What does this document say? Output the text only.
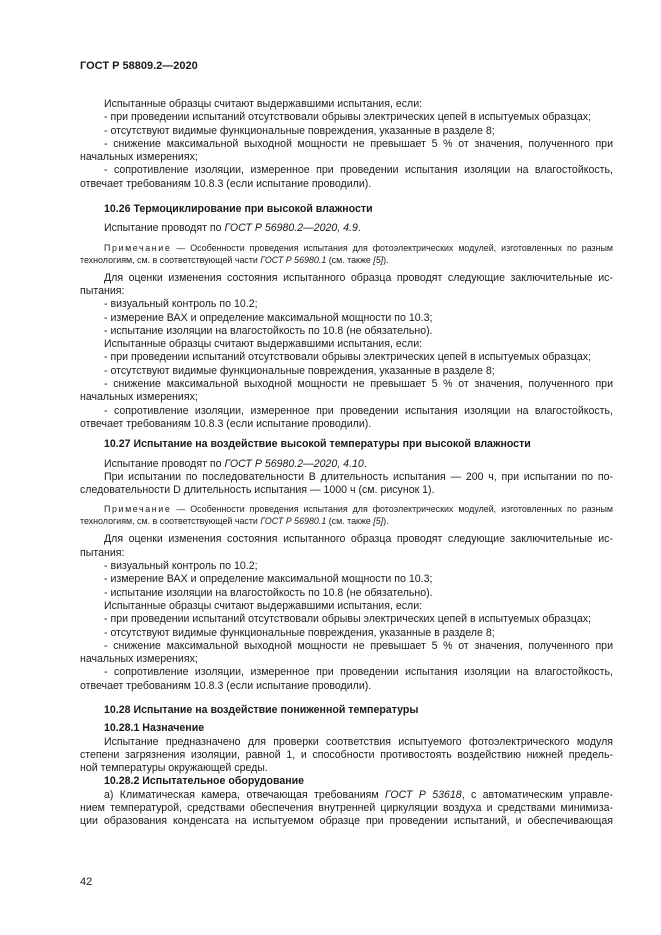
ГОСТ Р 58809.2—2020

Испытанные образцы считают выдержавшими испытания, если:

- при проведении испытаний отсутствовали обрывы электрических цепей в испытуемых образцах;

- отсутствуют видимые функциональные повреждения, указанные в разделе 8;

- снижение максимальной выходной мощности не превышает 5 % от значения, полученного при

начальных измерениях;

- сопротивление изоляции, измеренное при проведении испытания изоляции на влагостойкость,

отвечает требованиям 10.8.3 (если испытание проводили).

10.26 Термоциклирование при высокой влажности

Испытание проводят по ГОСТ Р 56980.2—2020, 4.9.

Примечание — Особенности проведения испытания для фотоэлектрических модулей, изготовленных по разным технологиям, см. в соответствующей части ГОСТ Р 56980.1 (см. также [5]).

Для оценки изменения состояния испытанного образца проводят следующие заключительные ис-

пытания:

- визуальный контроль по 10.2;

- измерение ВАХ и определение максимальной мощности по 10.3;

- испытание изоляции на влагостойкость по 10.8 (не обязательно).

Испытанные образцы считают выдержавшими испытания, если:

- при проведении испытаний отсутствовали обрывы электрических цепей в испытуемых образцах;

- отсутствуют видимые функциональные повреждения, указанные в разделе 8;

- снижение максимальной выходной мощности не превышает 5 % от значения, полученного при

начальных измерениях;

- сопротивление изоляции, измеренное при проведении испытания изоляции на влагостойкость,

отвечает требованиям 10.8.3 (если испытание проводили).

10.27 Испытание на воздействие высокой температуры при высокой влажности

Испытание проводят по ГОСТ Р 56980.2—2020, 4.10.

При испытании по последовательности B длительность испытания — 200 ч, при испытании по по-

следовательности D длительность испытания — 1000 ч (см. рисунок 1).

Примечание — Особенности проведения испытания для фотоэлектрических модулей, изготовленных по разным технологиям, см. в соответствующей части ГОСТ Р 56980.1 (см. также [5]).

Для оценки изменения состояния испытанного образца проводят следующие заключительные ис-

пытания:

- визуальный контроль по 10.2;

- измерение ВАХ и определение максимальной мощности по 10.3;

- испытание изоляции на влагостойкость по 10.8 (не обязательно).

Испытанные образцы считают выдержавшими испытания, если:

- при проведении испытаний отсутствовали обрывы электрических цепей в испытуемых образцах;

- отсутствуют видимые функциональные повреждения, указанные в разделе 8;

- снижение максимальной выходной мощности не превышает 5 % от значения, полученного при

начальных измерениях;

- сопротивление изоляции, измеренное при проведении испытания изоляции на влагостойкость,

отвечает требованиям 10.8.3 (если испытание проводили).

10.28 Испытание на воздействие пониженной температуры

10.28.1 Назначение

Испытание предназначено для проверки соответствия испытуемого фотоэлектрического модуля

степени загрязнения изоляции, равной 1, и способности противостоять воздействию нижней предель-

ной температуры окружающей среды.

10.28.2 Испытательное оборудование

а) Климатическая камера, отвечающая требованиям ГОСТ Р 53618, с автоматическим управле-

нием температурой, средствами обеспечения внутренней циркуляции воздуха и средствами минимиза-

ции образования конденсата на испытуемом образце при проведении испытаний, и обеспечивающая

42
